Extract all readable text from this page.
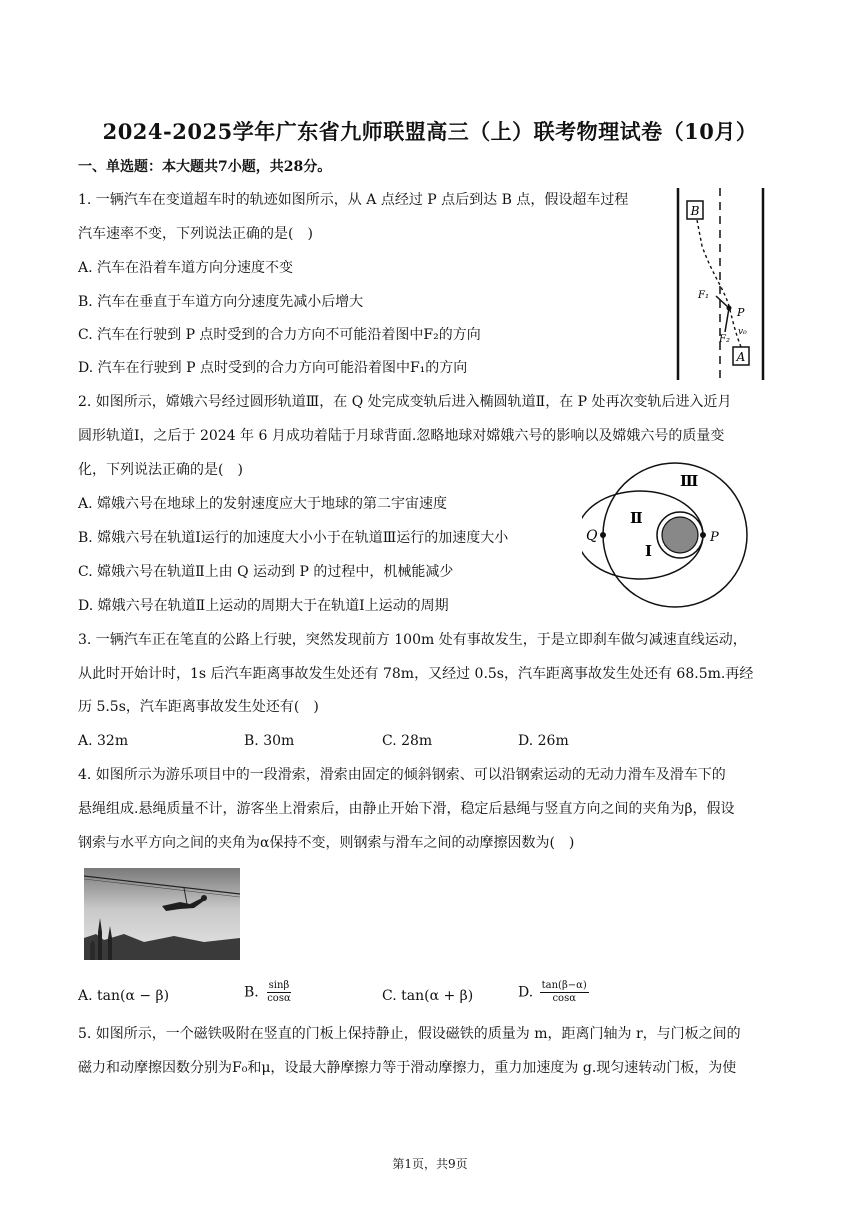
2024-2025学年广东省九师联盟高三（上）联考物理试卷（10月）
一、单选题：本大题共7小题，共28分。
1. 一辆汽车在变道超车时的轨迹如图所示，从 A 点经过 P 点后到达 B 点，假设超车过程
汽车速率不变，下列说法正确的是(　)
A. 汽车在沿着车道方向分速度不变
B. 汽车在垂直于车道方向分速度先减小后增大
C. 汽车在行驶到 P 点时受到的合力方向不可能沿着图中F₂的方向
D. 汽车在行驶到 P 点时受到的合力方向可能沿着图中F₁的方向
B
A
P
F₁
F₂
v₀
2. 如图所示，嫦娥六号经过圆形轨道Ⅲ，在 Q 处完成变轨后进入椭圆轨道Ⅱ，在 P 处再次变轨后进入近月
圆形轨道Ⅰ，之后于 2024 年 6 月成功着陆于月球背面.忽略地球对嫦娥六号的影响以及嫦娥六号的质量变
化，下列说法正确的是(　)
A. 嫦娥六号在地球上的发射速度应大于地球的第二宇宙速度
B. 嫦娥六号在轨道Ⅰ运行的加速度大小小于在轨道Ⅲ运行的加速度大小
C. 嫦娥六号在轨道Ⅱ上由 Q 运动到 P 的过程中，机械能减少
D. 嫦娥六号在轨道Ⅱ上运动的周期大于在轨道Ⅰ上运动的周期
Q	P
Ⅲ
Ⅱ
Ⅰ
3. 一辆汽车正在笔直的公路上行驶，突然发现前方 100m 处有事故发生，于是立即刹车做匀减速直线运动，
从此时开始计时，1s 后汽车距离事故发生处还有 78m，又经过 0.5s，汽车距离事故发生处还有 68.5m.再经
历 5.5s，汽车距离事故发生处还有(　)
A. 32m	B. 30m	C. 28m	D. 26m
4. 如图所示为游乐项目中的一段滑索，滑索由固定的倾斜钢索、可以沿钢索运动的无动力滑车及滑车下的
悬绳组成.悬绳质量不计，游客坐上滑索后，由静止开始下滑，稳定后悬绳与竖直方向之间的夹角为β，假设
钢索与水平方向之间的夹角为α保持不变，则钢索与滑车之间的动摩擦因数为(　)
A. tan(α − β)	B. $\frac{\sin\beta}{\cos\alpha}$	C. tan(α + β)	D. $\frac{\tan(\beta-\alpha)}{\cos\alpha}$
5. 如图所示，一个磁铁吸附在竖直的门板上保持静止，假设磁铁的质量为 m，距离门轴为 r，与门板之间的
磁力和动摩擦因数分别为F₀和μ，设最大静摩擦力等于滑动摩擦力，重力加速度为 g.现匀速转动门板，为使
第1页，共9页
